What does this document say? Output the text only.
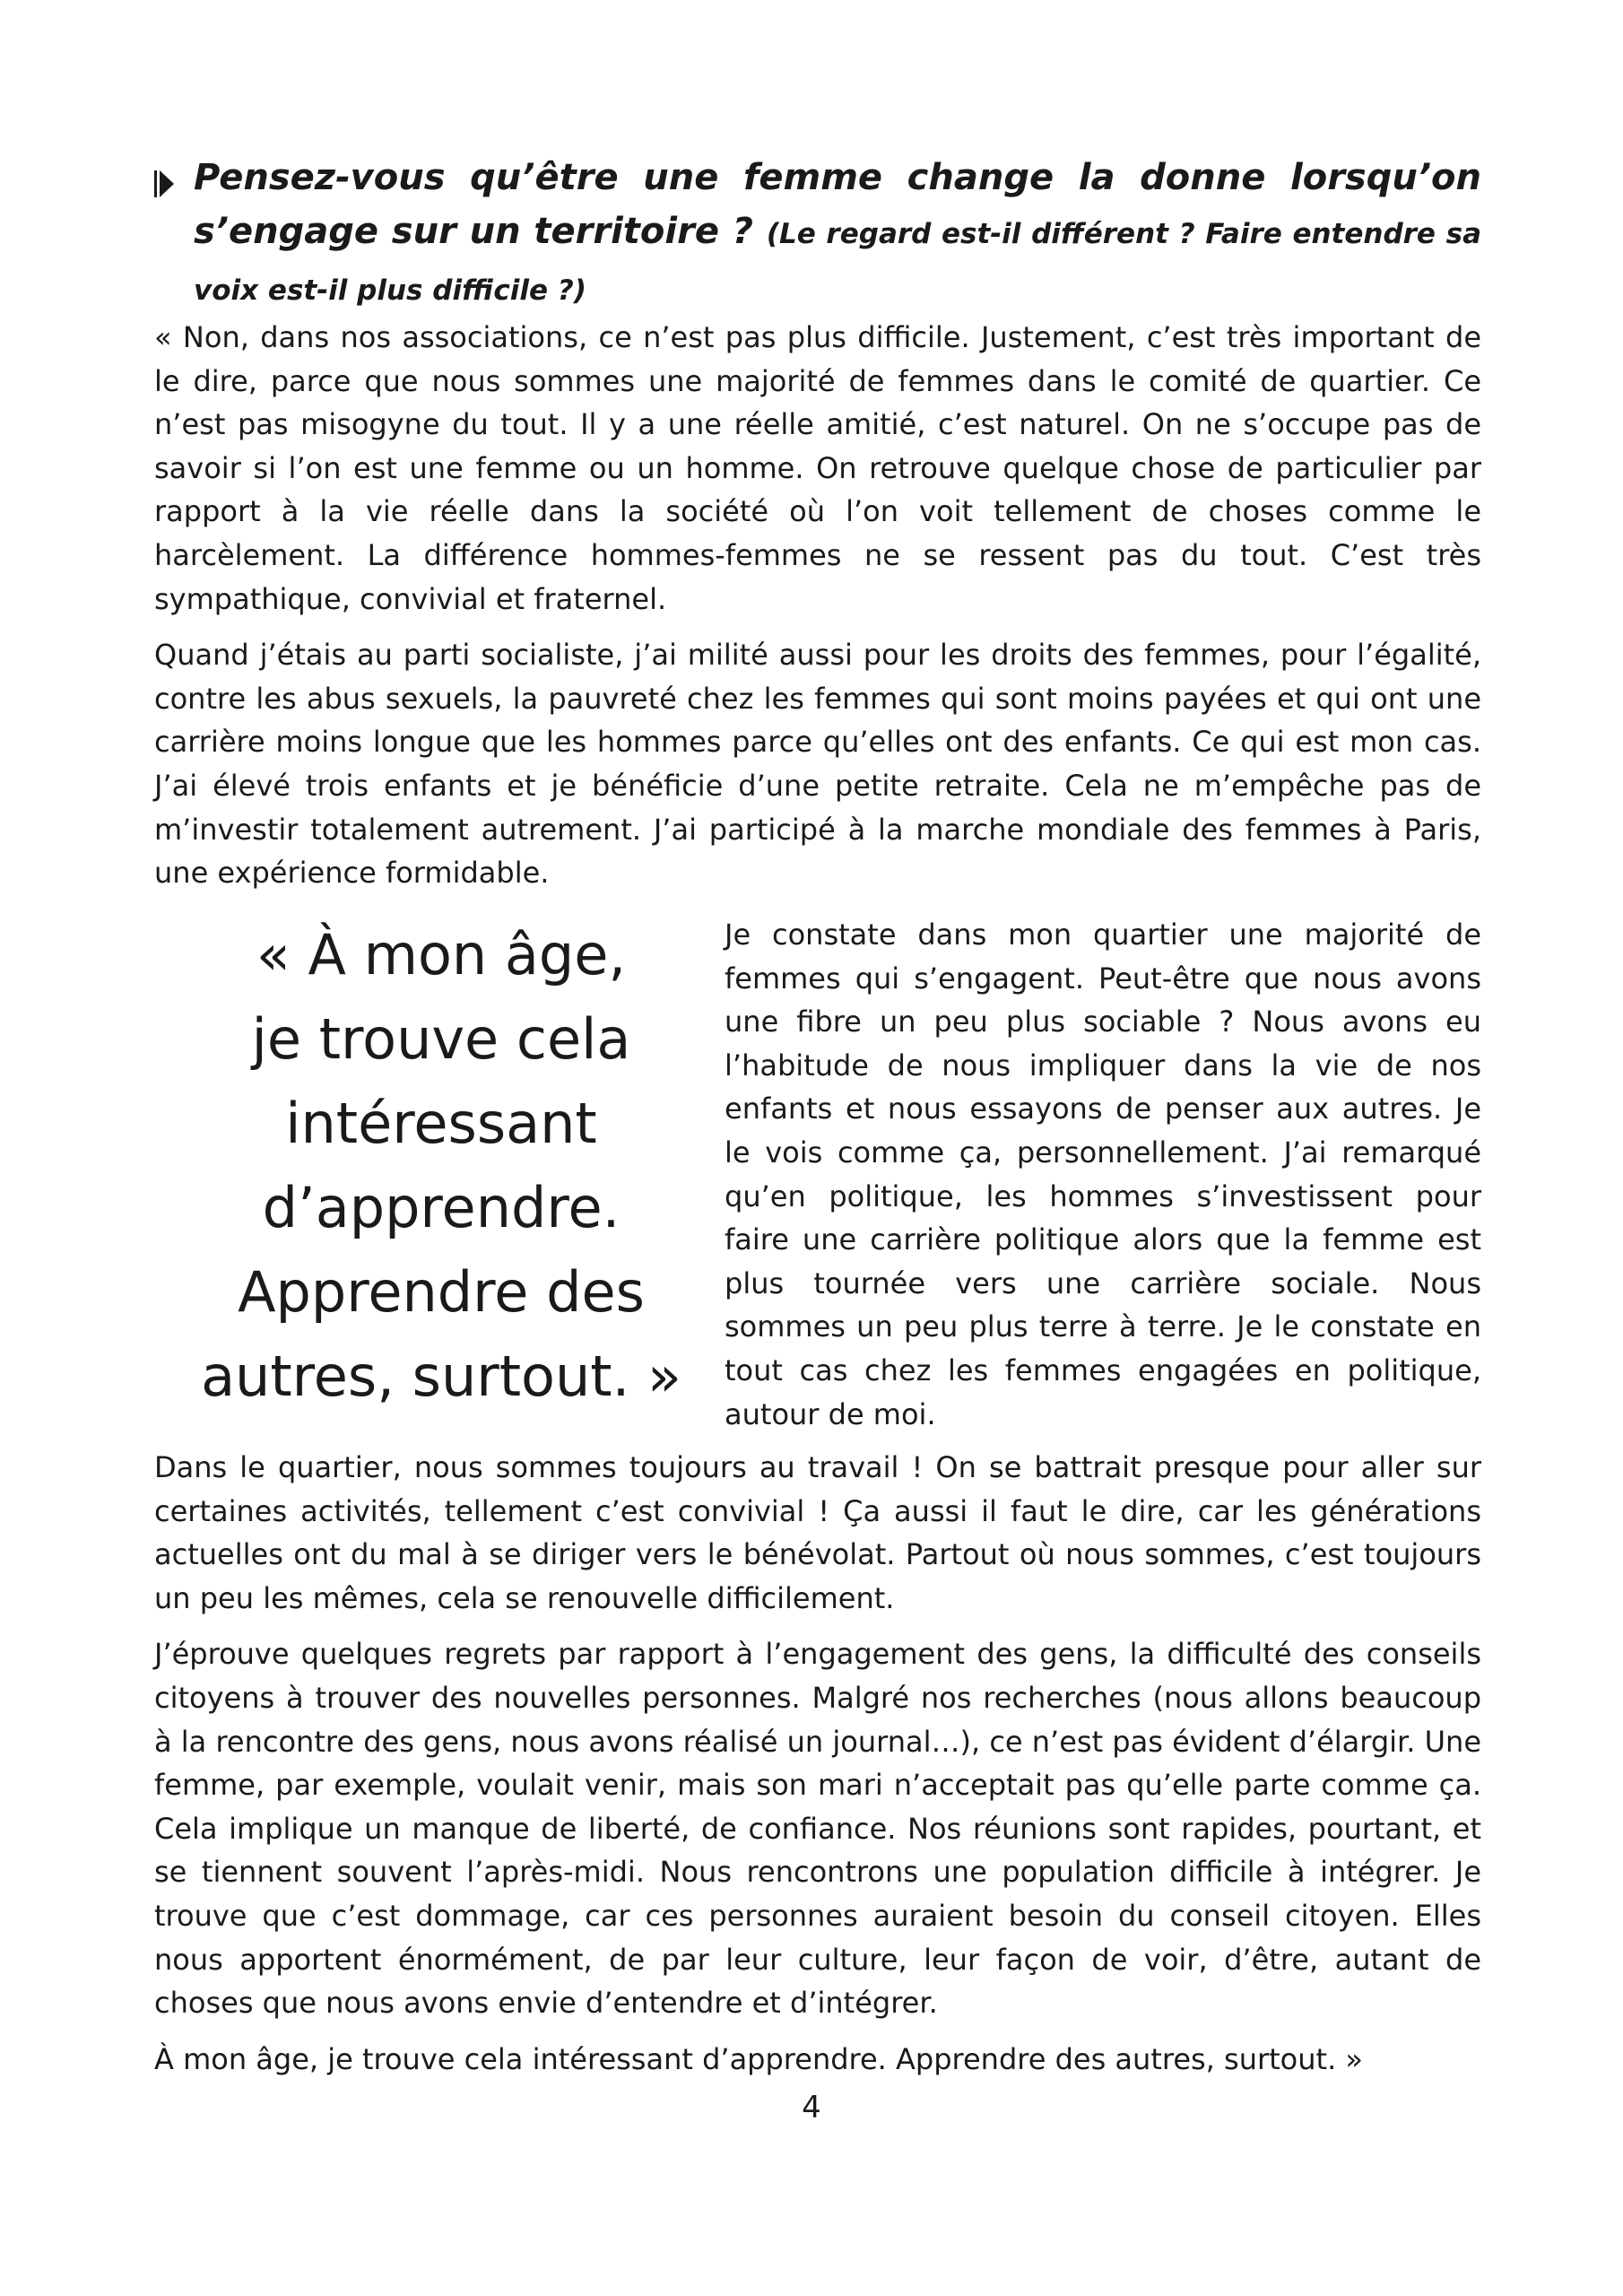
Pensez-vous qu’être une femme change la donne lorsqu’on s’engage sur un territoire ? (Le regard est-il différent ? Faire entendre sa voix est-il plus difficile ?)

« Non, dans nos associations, ce n’est pas plus difficile. Justement, c’est très important de le dire, parce que nous sommes une majorité de femmes dans le comité de quartier. Ce n’est pas misogyne du tout. Il y a une réelle amitié, c’est naturel. On ne s’occupe pas de savoir si l’on est une femme ou un homme. On retrouve quelque chose de particulier par rapport à la vie réelle dans la société où l’on voit tellement de choses comme le harcèlement. La différence hommes-femmes ne se ressent pas du tout. C’est très sympathique, convivial et fraternel.

Quand j’étais au parti socialiste, j’ai milité aussi pour les droits des femmes, pour l’égalité, contre les abus sexuels, la pauvreté chez les femmes qui sont moins payées et qui ont une carrière moins longue que les hommes parce qu’elles ont des enfants. Ce qui est mon cas. J’ai élevé trois enfants et je bénéficie d’une petite retraite. Cela ne m’empêche pas de m’investir totalement autrement. J’ai participé à la marche mondiale des femmes à Paris, une expérience formidable.

« À mon âge,
je trouve cela
intéressant
d’apprendre.
Apprendre des
autres, surtout. »
Je constate dans mon quartier une majorité de femmes qui s’engagent. Peut-être que nous avons une fibre un peu plus sociable ? Nous avons eu l’habitude de nous impliquer dans la vie de nos enfants et nous essayons de penser aux autres. Je le vois comme ça, personnellement. J’ai remarqué qu’en politique, les hommes s’investissent pour faire une carrière politique alors que la femme est plus tournée vers une carrière sociale. Nous sommes un peu plus terre à terre. Je le constate en tout cas chez les femmes engagées en politique, autour de moi.

Dans le quartier, nous sommes toujours au travail ! On se battrait presque pour aller sur certaines activités, tellement c’est convivial ! Ça aussi il faut le dire, car les générations actuelles ont du mal à se diriger vers le bénévolat. Partout où nous sommes, c’est toujours un peu les mêmes, cela se renouvelle difficilement.

J’éprouve quelques regrets par rapport à l’engagement des gens, la difficulté des conseils citoyens à trouver des nouvelles personnes. Malgré nos recherches (nous allons beaucoup à la rencontre des gens, nous avons réalisé un journal…), ce n’est pas évident d’élargir. Une femme, par exemple, voulait venir, mais son mari n’acceptait pas qu’elle parte comme ça. Cela implique un manque de liberté, de confiance. Nos réunions sont rapides, pourtant, et se tiennent souvent l’après-midi. Nous rencontrons une population difficile à intégrer. Je trouve que c’est dommage, car ces personnes auraient besoin du conseil citoyen. Elles nous apportent énormément, de par leur culture, leur façon de voir, d’être, autant de choses que nous avons envie d’entendre et d’intégrer.

À mon âge, je trouve cela intéressant d’apprendre. Apprendre des autres, surtout. »

4
